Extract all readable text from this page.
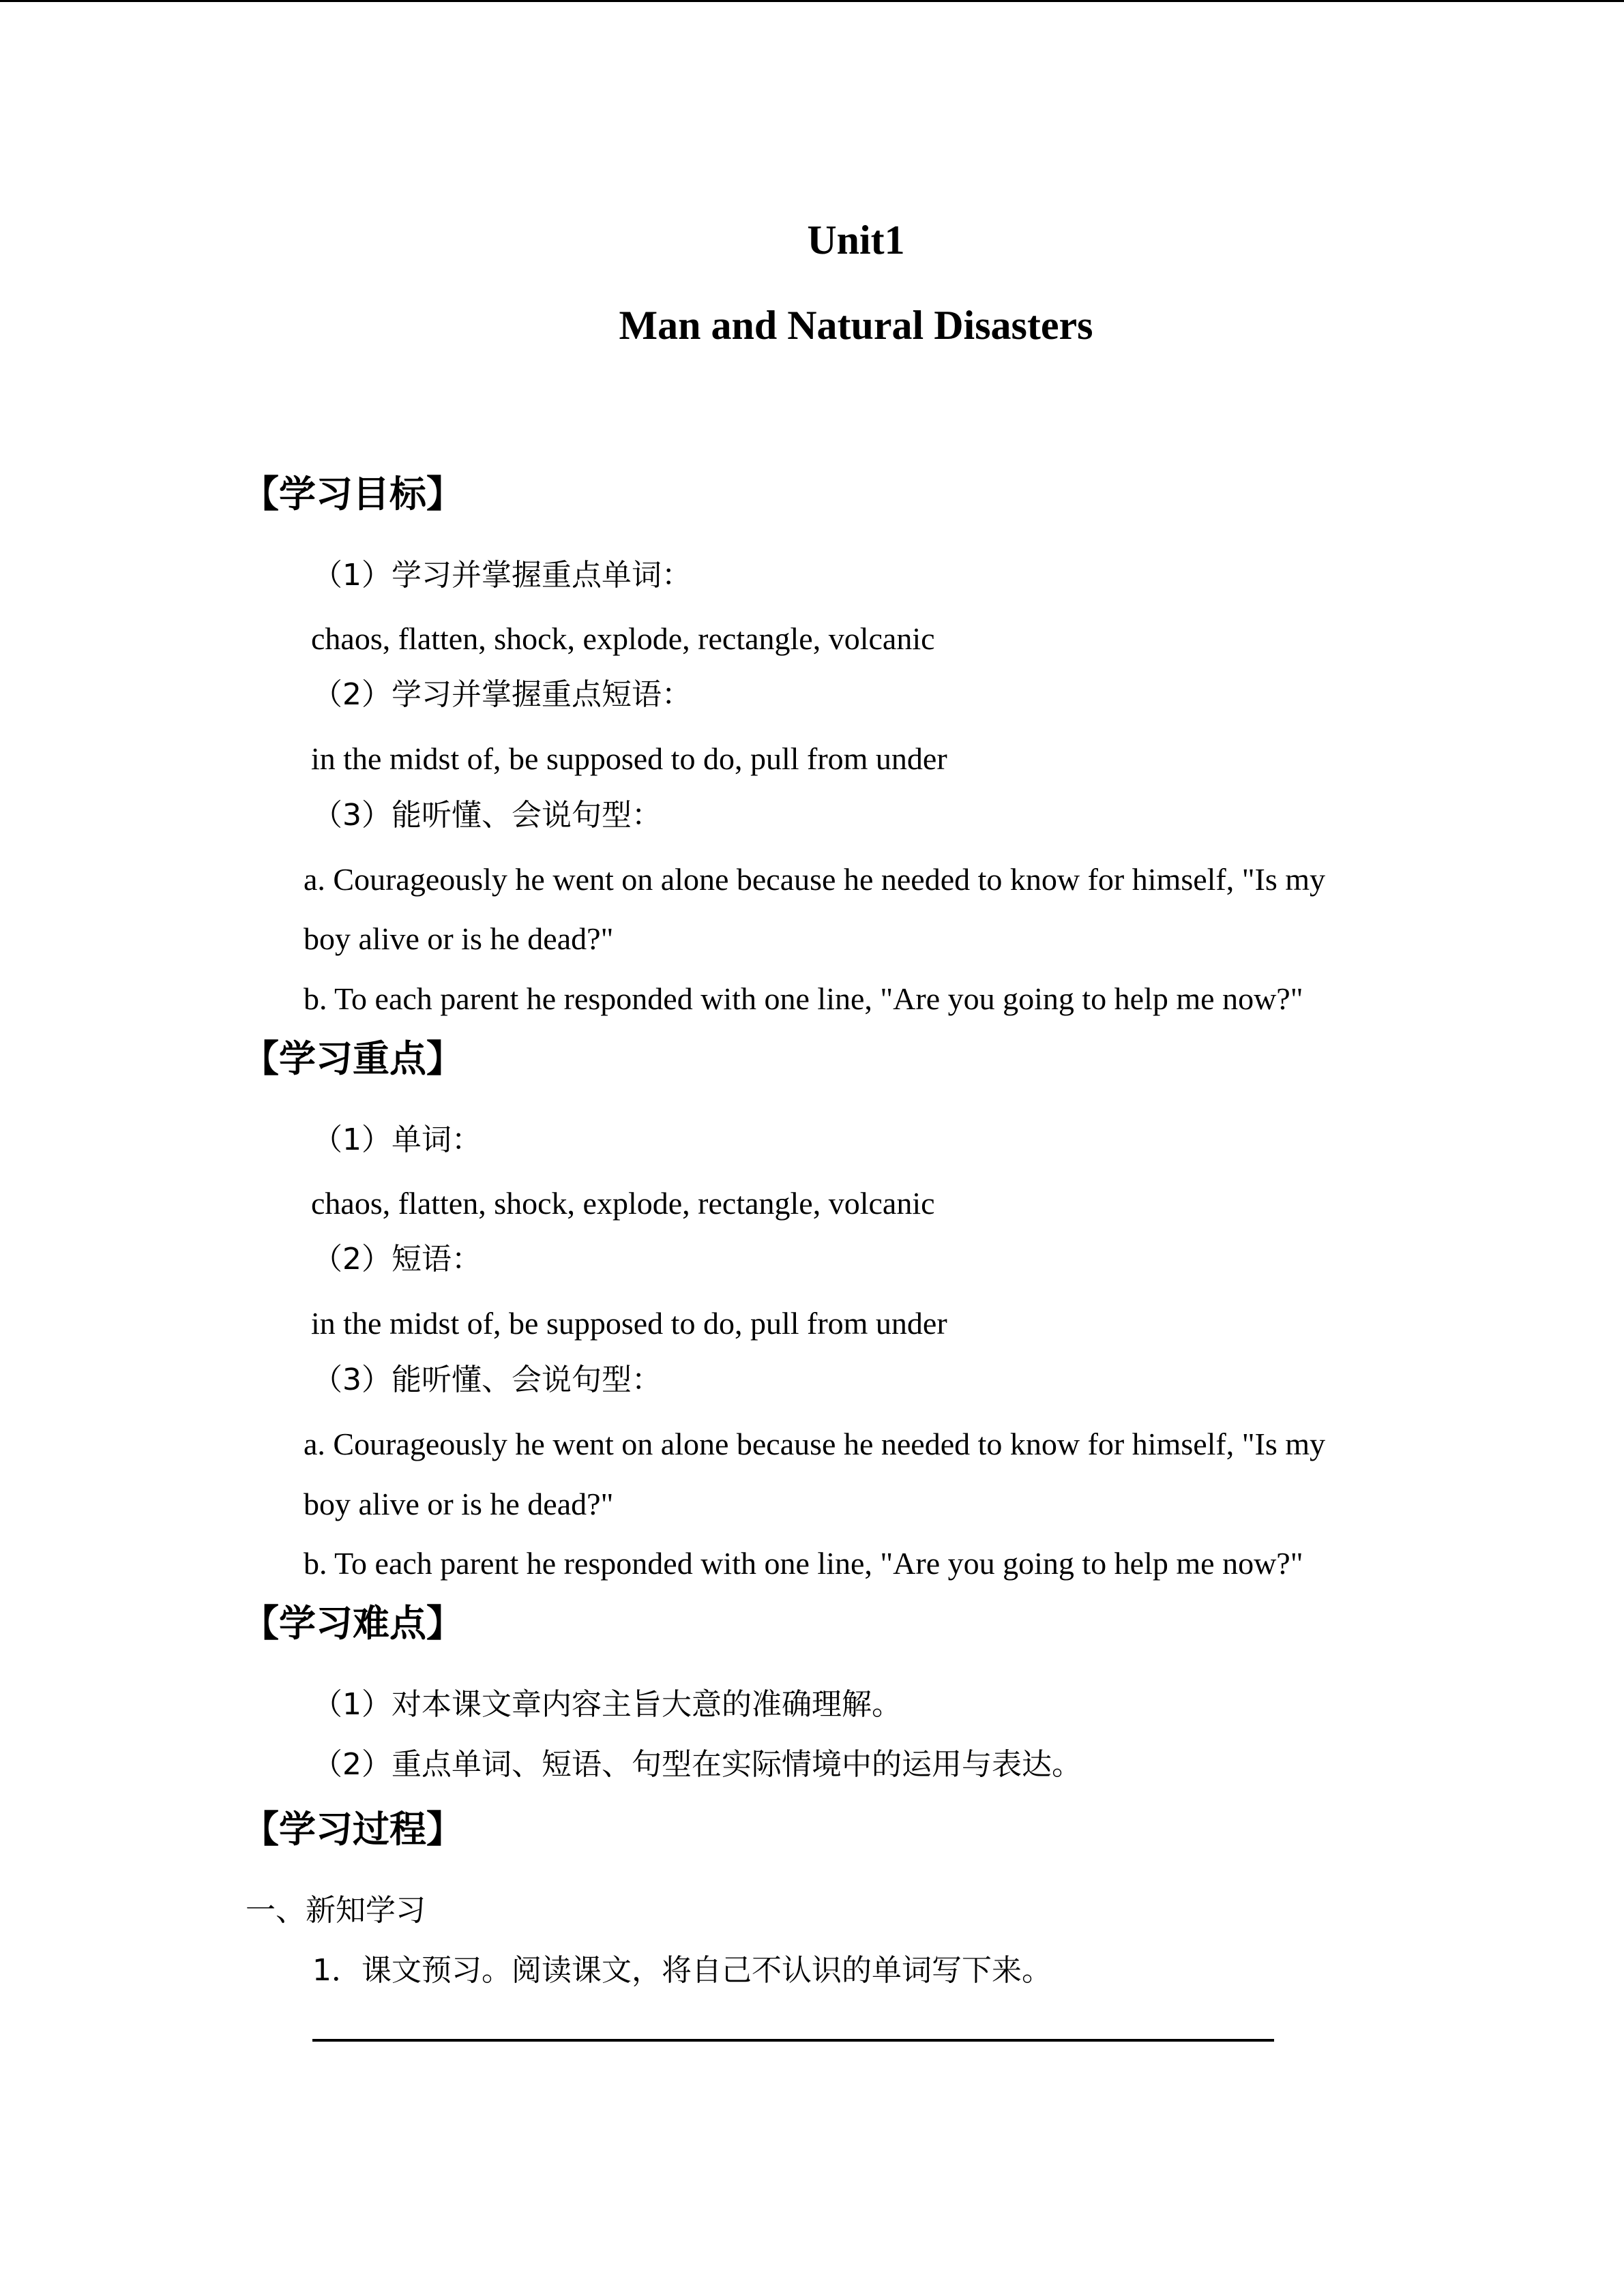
Unit1
Man and Natural Disasters
【学习目标】
（1）学习并掌握重点单词：
chaos, flatten, shock, explode, rectangle, volcanic
（2）学习并掌握重点短语：
in the midst of, be supposed to do, pull from under
（3）能听懂、会说句型：
a. Courageously he went on alone because he needed to know for himself, "Is my
boy alive or is he dead?"
b. To each parent he responded with one line, "Are you going to help me now?"
【学习重点】
（1）单词：
chaos, flatten, shock, explode, rectangle, volcanic
（2）短语：
in the midst of, be supposed to do, pull from under
（3）能听懂、会说句型：
a. Courageously he went on alone because he needed to know for himself, "Is my
boy alive or is he dead?"
b. To each parent he responded with one line, "Are you going to help me now?"
【学习难点】
（1）对本课文章内容主旨大意的准确理解。
（2）重点单词、短语、句型在实际情境中的运用与表达。
【学习过程】
一、新知学习
1．课文预习。阅读课文，将自己不认识的单词写下来。
